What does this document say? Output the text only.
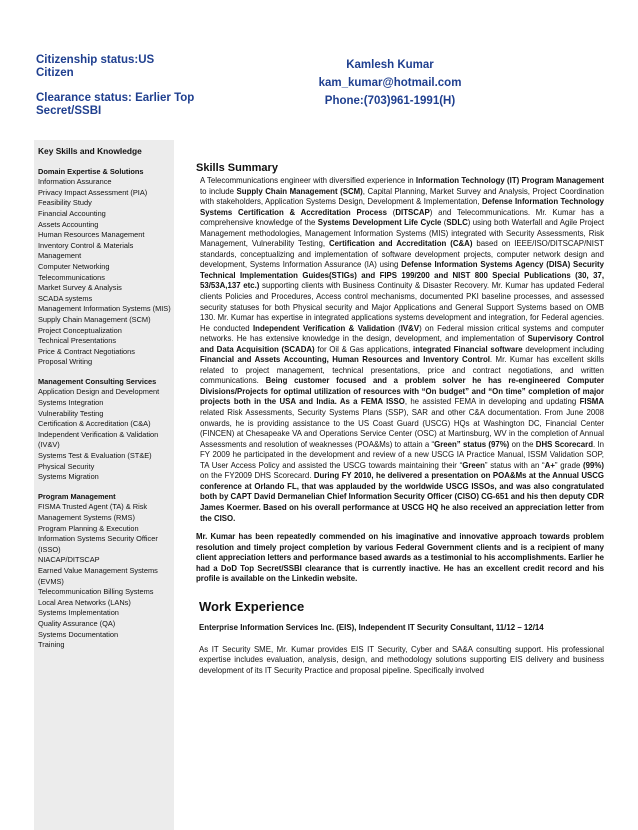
Citizenship status:US Citizen
Clearance status: Earlier Top Secret/SSBI
Kamlesh Kumar
kam_kumar@hotmail.com
Phone:(703)961-1991(H)
Key Skills and Knowledge
Domain Expertise & Solutions
Information Assurance
Privacy Impact Assessment (PIA)
Feasibility Study
Financial Accounting
Assets Accounting
Human Resources Management
Inventory Control & Materials Management
Computer Networking
Telecommunications
Market Survey & Analysis
SCADA systems
Management Information Systems (MIS)
Supply Chain Management (SCM)
Project Conceptualization
Technical Presentations
Price & Contract Negotiations
Proposal Writing
Management Consulting Services
Application Design and Development
Systems Integration
Vulnerability Testing
Certification & Accreditation (C&A)
Independent Verification & Validation (IV&V)
Systems Test & Evaluation (ST&E)
Physical Security
Systems Migration
Program Management
FISMA Trusted Agent (TA) & Risk Management Systems (RMS)
Program Planning & Execution
Information Systems Security Officer (ISSO)
NIACAP/DITSCAP
Earned Value Management Systems (EVMS)
Telecommunication Billing Systems
Local Area Networks (LANs)
Systems Implementation
Quality Assurance (QA)
Systems Documentation
Training
Skills Summary

A Telecommunications engineer with diversified experience in Information Technology (IT) Program Management to include Supply Chain Management (SCM), Capital Planning, Market Survey and Analysis, Project Coordination with stakeholders, Application Systems Design, Development & Implementation, Defense Information Technology Systems Certification & Accreditation Process (DITSCAP) and Telecommunications. Mr. Kumar has a comprehensive knowledge of the Systems Development Life Cycle (SDLC) using both Waterfall and Agile Project Management methodologies, Management Information Systems (MIS) integrated with Security Assessments, Risk Management, Vulnerability Testing, Certification and Accreditation (C&A) based on IEEE/ISO/DITSCAP/NIST standards, conceptualizing and implementation of software development projects, computer network design and development, Systems Information Assurance (IA) using Defense Information Systems Agency (DISA) Security Technical Implementation Guides(STIGs) and FIPS 199/200 and NIST 800 Special Publications (30, 37, 53/53A,137 etc.) supporting clients with Business Continuity & Disaster Recovery. Mr. Kumar has updated Federal clients Policies and Procedures, Access control mechanisms, documented PKI baseline processes, and assessed security statuses for both Physical security and Major Applications and General Support Systems based on OMB 130. Mr. Kumar has expertise in integrated applications systems development and integration, for Federal agencies. He conducted Independent Verification & Validation (IV&V) on Federal mission critical systems and computer networks. He has extensive knowledge in the design, development, and implementation of Supervisory Control and Data Acquisition (SCADA) for Oil & Gas applications, integrated Financial software development including Financial and Assets Accounting, Human Resources and Inventory Control. Mr. Kumar has excellent skills related to project management, technical presentations, price and contract negotiations, and written communications. Being customer focused and a problem solver he has re-engineered Computer Divisions/Projects for optimal utilization of resources with “On budget” and “On time” completion of major projects both in the USA and India. As a FEMA ISSO, he assisted FEMA in developing and updating FISMA related Risk Assessments, Security Systems Plans (SSP), SAR and other C&A documentation. From June 2008 onwards, he is providing assistance to the US Coast Guard (USCG) HQs at Washington DC, Financial Center (FINCEN) at Chesapeake VA and Operations Service Center (OSC) at Martinsburg, WV in the completion of Annual Assessments and resolution of weaknesses (POA&Ms) to attain a “Green” status (97%) on the DHS Scorecard. In FY 2009 he participated in the development and review of a new USCG IA Practice Manual, ISSM Validation SOP, TA User Access Policy and assisted the USCG towards maintaining their “Green” status with an “A+” grade (99%) on the FY2009 DHS Scorecard. During FY 2010, he delivered a presentation on POA&Ms at the Annual USCG conference at Orlando FL, that was applauded by the worldwide USCG ISSOs, and was also congratulated both by CAPT David Dermanelian Chief Information Security Officer (CISO) CG-651 and his then deputy CDR James Koermer. Based on his overall performance at USCG HQ he also received an appreciation letter from the CISO.

Mr. Kumar has been repeatedly commended on his imaginative and innovative approach towards problem resolution and timely project completion by various Federal Government clients and is a recipient of many client appreciation letters and performance based awards as a testimonial to his accomplishments. Earlier he had a DoD Top Secret/SSBI clearance that is currently inactive. He has an excellent credit record and his profile is available on the Linkedin website.

Work Experience
Enterprise Information Services Inc. (EIS), Independent IT Security Consultant, 11/12 – 12/14

As IT Security SME, Mr. Kumar provides EIS IT Security, Cyber and SA&A consulting support. His professional expertise includes evaluation, analysis, design, and methodology solutions supporting EIS delivery and business development of its IT Security Practice and proposal pipeline. Specifically involved
